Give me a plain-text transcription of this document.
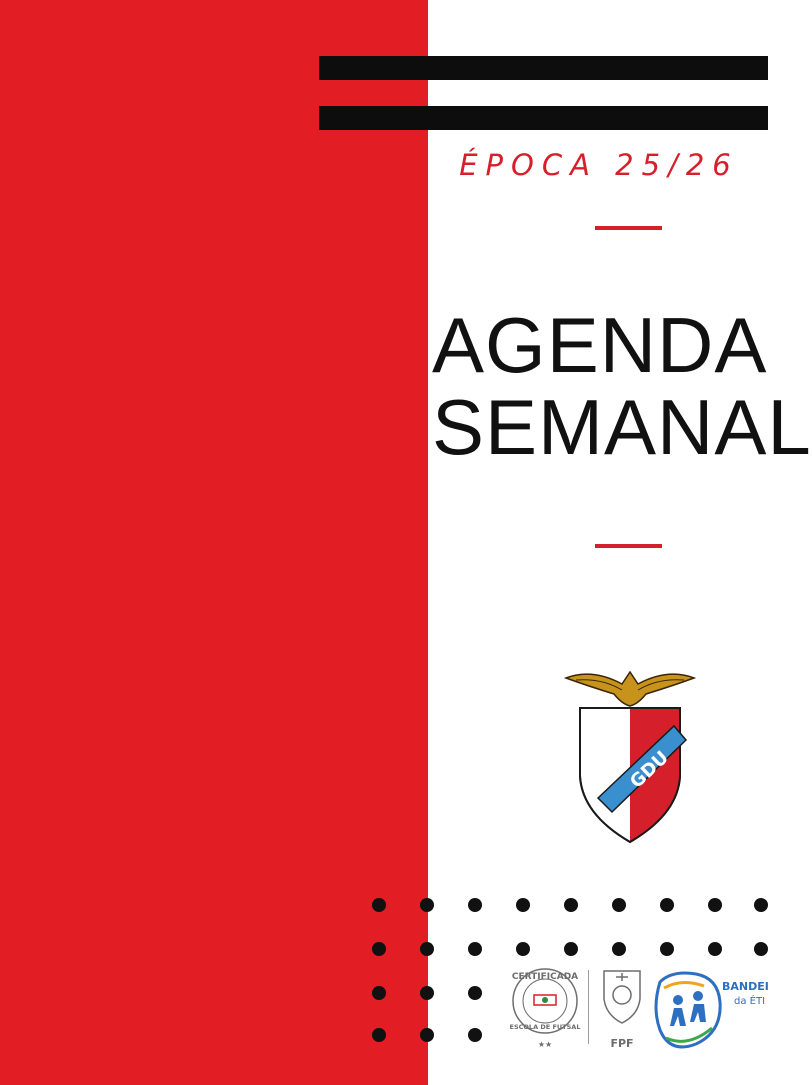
ÉPOCA 25/26
AGENDA
SEMANAL
GDU
CERTIFICADA
ESCOLA DE FUTSAL
★★	FPF
BANDEI
da ÉTI
